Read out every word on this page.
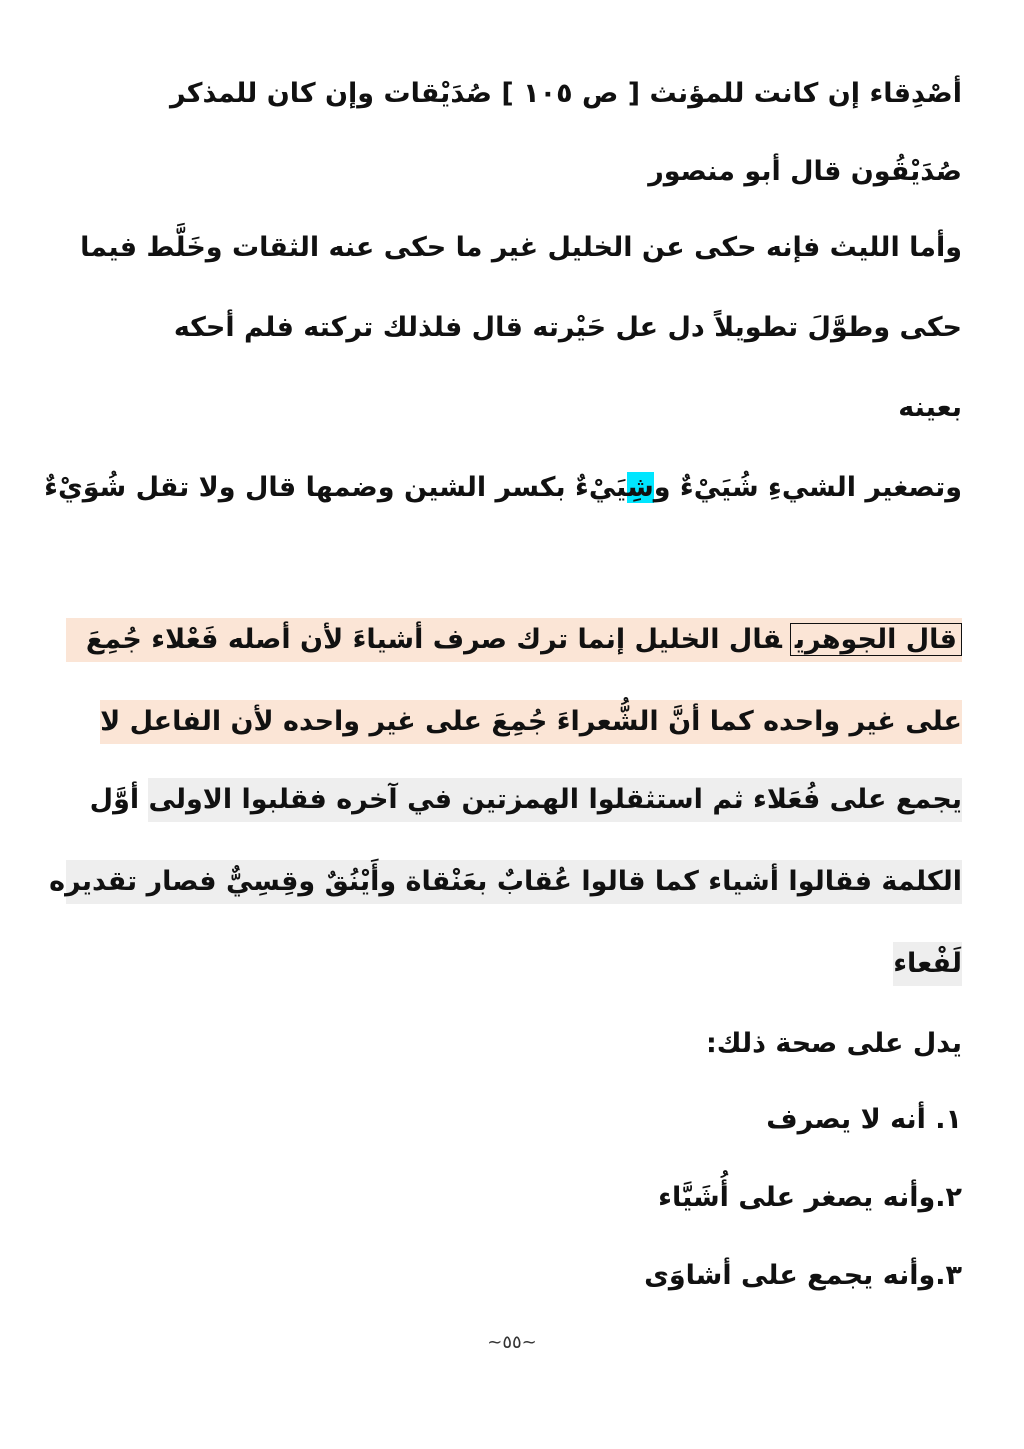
أصْدِقاء إن كانت للمؤنث [ ص ١٠٥ ] صُدَيْقات وإن كان للمذكر
صُدَيْقُون قال أبو منصور
وأما الليث فإنه حكى عن الخليل غير ما حكى عنه الثقات وخَلَّط فيما
حكى وطوَّلَ تطويلاً دل عل حَيْرته قال فلذلك تركته فلم أحكه
بعينه
وتصغير الشيءِ شُيَيْءٌ وشِيَيْءٌ بكسر الشين وضمها قال ولا تقل شُوَيْءٌ
قال الجوهريقال الخليل إنما ترك صرف أشياءَ لأن أصله فَعْلاء جُمِعَ
على غير واحده كما أنَّ الشُّعراءَ جُمِعَ على غير واحده لأن الفاعل لا
يجمع على فُعَلاء ثم استثقلوا الهمزتين في آخره فقلبوا الاولى أوَّل
الكلمة فقالوا أشياء كما قالوا عُقابٌ بعَنْقاة وأَيْنُقٌ وقِسِيٌّ فصار تقديره
لَفْعاء
يدل على صحة ذلك:
١. أنه لا يصرف
٢.وأنه يصغر على أُشَيَّاء
٣.وأنه يجمع على أشاوَى
~٥٥~
